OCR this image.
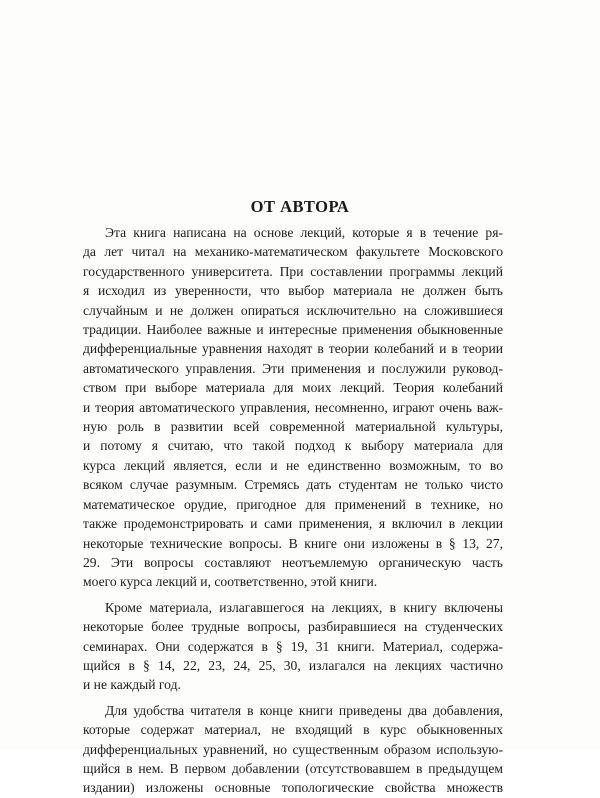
ОТ АВТОРА

Эта книга написана на основе лекций, которые я в течение ря-
да лет читал на механико-математическом факультете Московского
государственного университета. При составлении программы лекций
я исходил из уверенности, что выбор материала не должен быть
случайным и не должен опираться исключительно на сложившиеся
традиции. Наиболее важные и интересные применения обыкновенные
дифференциальные уравнения находят в теории колебаний и в теории
автоматического управления. Эти применения и послужили руковод-
ством при выборе материала для моих лекций. Теория колебаний
и теория автоматического управления, несомненно, играют очень важ-
ную роль в развитии всей современной материальной культуры,
и потому я считаю, что такой подход к выбору материала для
курса лекций является, если и не единственно возможным, то во
всяком случае разумным. Стремясь дать студентам не только чисто
математическое орудие, пригодное для применений в технике, но
также продемонстрировать и сами применения, я включил в лекции
некоторые технические вопросы. В книге они изложены в § 13, 27,
29. Эти вопросы составляют неотъемлемую органическую часть
моего курса лекций и, соответственно, этой книги.

Кроме материала, излагавшегося на лекциях, в книгу включены
некоторые более трудные вопросы, разбиравшиеся на студенческих
семинарах. Они содержатся в § 19, 31 книги. Материал, содержа-
щийся в § 14, 22, 23, 24, 25, 30, излагался на лекциях частично
и не каждый год.

Для удобства читателя в конце книги приведены два добавления,
которые содержат материал, не входящий в курс обыкновенных
дифференциальных уравнений, но существенным образом использую-
щийся в нем. В первом добавлении (отсутствовавшем в предыдущем
издании) изложены основные топологические свойства множеств
